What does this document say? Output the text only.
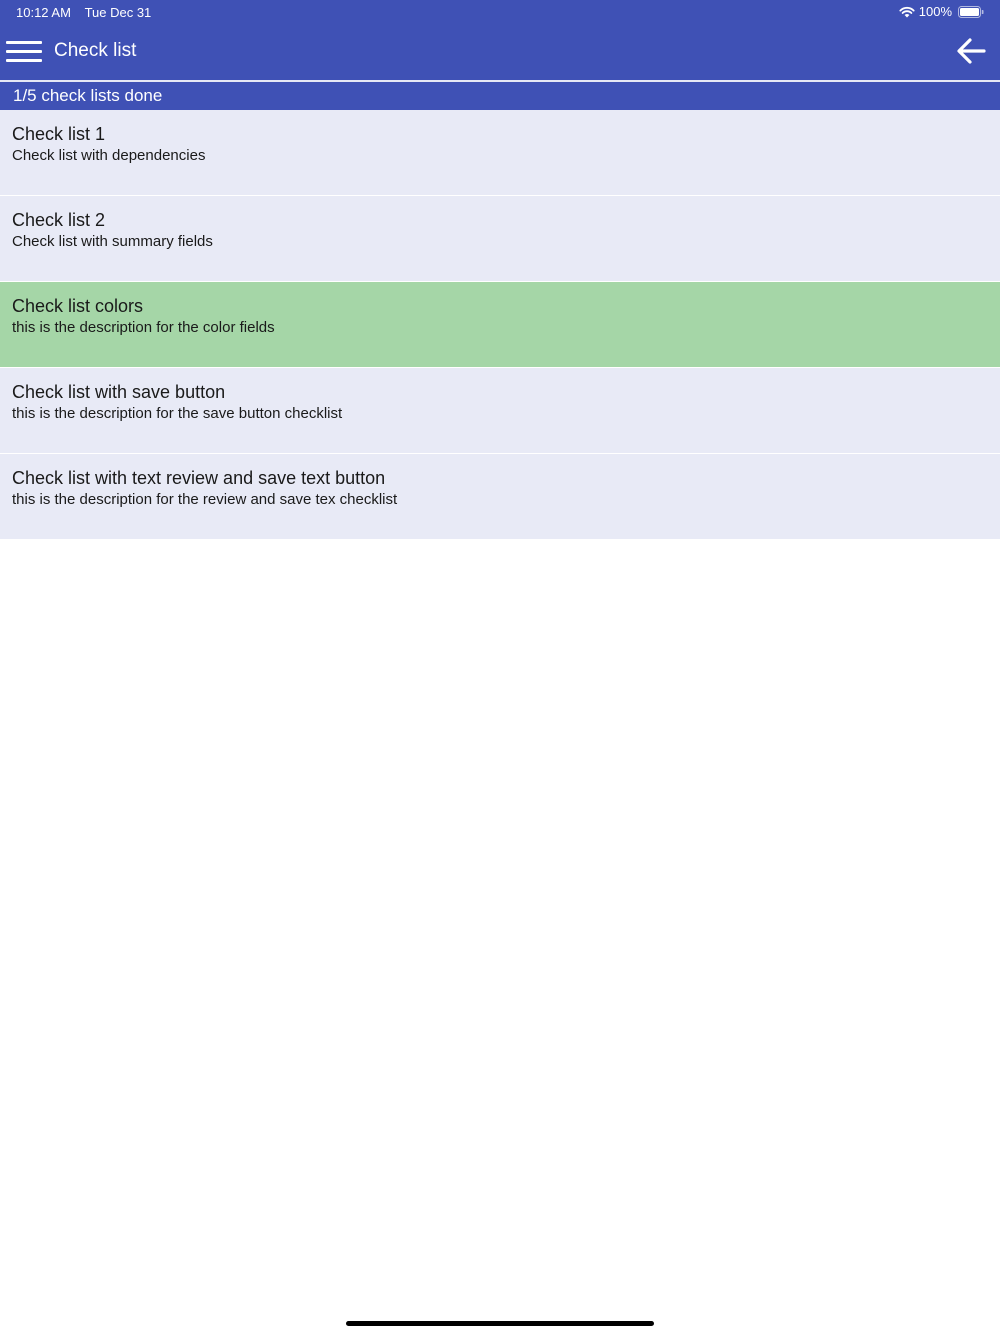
10:12 AM Tue Dec 31	100%
Check list
1/5 check lists done
Check list 1
Check list with dependencies
Check list 2
Check list with summary fields
Check list colors
this is the description for the color fields
Check list with save button
this is the description for the save button checklist
Check list with text review and save text button
this is the description for the review and save tex checklist
